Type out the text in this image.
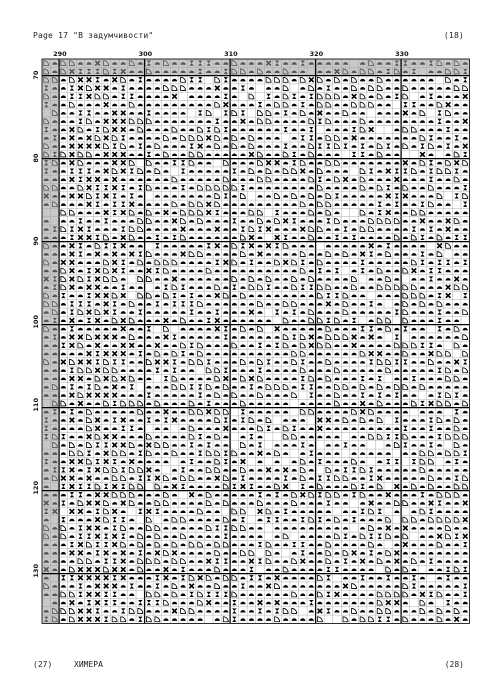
Page 17 "В задумчивости"	(18)
290	300	310	320	330
70
80
90
100
110
120
130
(27)	ХИМЕРА	(28)
